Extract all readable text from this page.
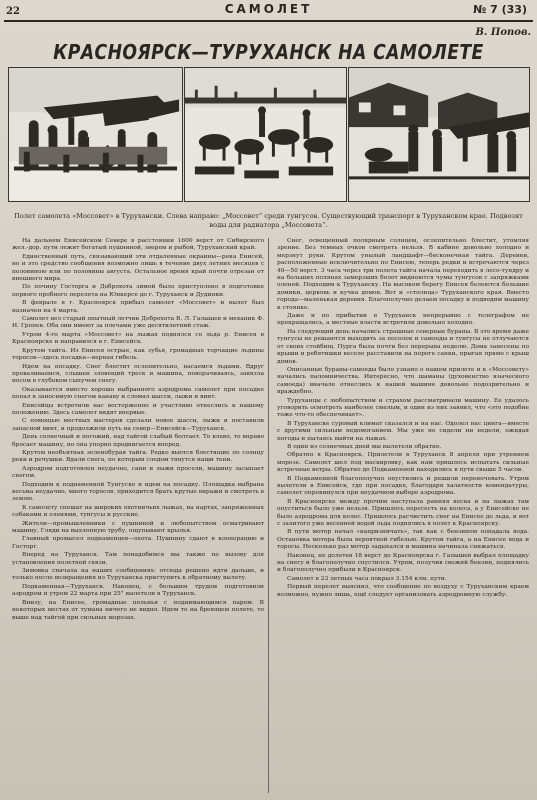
22	САМОЛЕТ	№ 7 (33)
В. Попов.
КРАСНОЯРСК—ТУРУХАНСК НА САМОЛЕТЕ
Полет самолета «Моссовет» в Турухански. Слева направо: „Моссовет“ среди тунгусов. Существующий транспорт в Туруханском крае. Подвозят воды для радиатора „Моссовета“.

На дальнем Енисейском Севере в расстоянии 1600 верст от Сибирского жел.-дор. пути лежит богатый пушниной, зверем и рыбой, Туруханский край.

Единственный путь, связывающий эти отдаленные окраины—река Енисей, но и это средство сообщения возможно лишь в течение двух летних месяцев с половиною или по половины августа. Остальное время край почти отрезан от внешнего мира.

По почину Госторга и Доброхота зимой было приступлено в подготовке первого пробного перелета на Юнкерсе до г. Туруханск и Дудинки.

В феврале в г. Красноярск прибыл самолет «Моссовет» и вылет был назначен на 4 марта.

Самолет вел старый опытный летчик Доброхота В. Л. Галышев и механик Ф. И. Гропев. Оба они имеют за плечами уже десятилетний стаж.

Утром 4-го марта «Моссовет» на лыжах поднялся со льда р. Енисея в Красноярске и направился в г. Енисейск.

Крутом тайга. Из Енисея острые, как зубья, громадные торчащие льдины торосов—здесь посадка—верная гибель.

Идем на посадку. Снег блестит ослепительно, насаемся льдами. Вдруг проваливаемся, слышен зловещий треск и машина, поворачиваясь, завязла носом в глубоком сыпучем снегу.

Оказывается вместо хорошо выбранного аэродрома самолет при посадке попал в заносимую снегом канаву и сломал шасси, лыжи и винт.

Енисейцы встретили нас восторженно и участливо отнеслись к нашему положению. Здесь самолет видят впервые.

С помощью местных мастеров сделали новое шасси, лыжи и поставили запасной винт, и продолжили путь на север—Енисейск—Туруханск.

День солнечный и погожий, над тайгой слабый болтает. То влево, то вправо бросает машину, но она упорно продвигается вперед.

Крутом необъятная зеленобурая тайга. Редко вьются блестящие по солнцу реки и речушки. Вдали снега, по которым следом тянутся наши тени.

Аэродром подготовлен неудачно, сани и лыжи просели, машину засыпает снегом.

Подходим к поднаменной Тунгуске и идем на посадку. Площадка выбрана весьма неудачно, много торосов, приходится брать крутые виражи и смотреть в землю.

К самолету спешат на широких охотничьих лыжах, на нартах, запряженных собаками и оленями, тунгусы и русские.

Жители—промышленники с пушниной и любопытством осматривают машину. Гляди на выхлопную трубу, ощупывают крылья.

Главный промысел поднаменцев—охота. Пушнину сдают в кооперацию и Госторг.

Вперед на Туруханск. Там понадобимся мы также по вызову для установления полетной связи.

Зимовка сначала на наших сообщениях: отсюда решено идти дальше, и только после возвращения из Туруханска приступить к обратному вылету.

Подкаменная—Туруханск. Наконец, с большим трудом подготовили аэродром и утром 22 марта при 25° вылетели в Туруханск.

Внизу, на Енисее, громадные польнья с поднимающимся паром. В некоторых местах от тумана ничего не видно. Идем то на бреющем полете, то выше над тайгой при сильных морозах.

Снег, освещенный полярным солнцем, ослепительно блестит, утомляя зрение. Без темных очков смотреть нельзя. В кабине довольно холодно и мерзнут руки. Крутом унылый ландшафт—бесконечная тайга. Деревни, расположенные исключительно по Енисею, теперь редки и встречаются через 40—50 верст. 3 часа через три полета тайга начала переходить в лесо-тундру и на больших полянах замерзших болот виднеются чумы тунгусов с запряжками оленей. Подходим к Туруханску. На высоком берегу Енисея белеются большие домики, церковь и кучка домов. Вот и «столица» Туруханского края. Вместо города—маленькая деревня. Благополучно делаем посадку и подводим машину к стоянке.

Даже и по прибытии в Туруханск непрерывно с телеграфом не прекращались, а местные власти встретили довольно холодно.

На следующий день начались страшные северные бураны. В это время даже тунгусы не решаются выходить за посолок и самоеды и тунгусы не отлучаются от своих стойбищ. Пурга была почти без перерыва неделю. Дома занесены по крыши и ребятишки весело расставили на пороге санки, прыгая прямо с крыш домов.

Описанные бураны-самоеды было узнано о нашем прилете и к «Моссовету» начались паломничества. Интересно, что шаманы (духовенство языческого самоеда) вначале отнеслись к нашей машине довольно подозрительно и враждебно.

Туруханцы с любопытством и страхом рассматривали машину. Ее удалось уговорить осмотреть наиболее смелым, и один из них заявил, что «это подобие тоже что-то обеспечивает».

В Туруханске суровый климат сказался и на нас. Одолел нас цинга—вместе с другими сильным недомоганием. Мы уже не сидели ни недели, ожидая погоды и пытаясь выйти на лыжах.

В один из солнечных дней мы вылетели обратно.

Обратно в Красноярск. Прилетели в Туруханск 8 апреля при утреннем морозе. Самолет шел под маскировку, как нам пришлось испытать сильные встречные ветры. Обратно до Подкаменной находились в пути свыше 5 часов.

В Подкаменной благополучно опустились и решили переночевать. Утром вылетели в Енисейск, где при посадке, благодаря халатности комендатуры, самолет опрокинулся при неудачном выборе аэродрома.

В Красноярске между прочим наступала ранняя весна и на лыжах там опуститься было уже нельзя. Пришлось пересесть на колеса, а у Енисейске не было аэродрома для колес. Пришлось расчистить снег на Енисее до льда, и вот с залитого уже весенней водой льда поднялись в полет к Красноярску.

В пути мотор начал «капризничать», так как с бензином попадала вода. Остановка мотора была вероятной гибелью. Крутом тайга, а на Енисее вода и торосы. Несколько раз мотор задыхался и машина начинала снижаться.

Наконец, не долетев 18 верст до Красноярска г. Галышев выбрал площадку на снегу и благополучно спустился. Утром, получив свежий бензин, поднялись и благополучно прибыли в Красноярск.

Самолет в 23 летных часа покрыл 3.154 клм. пути.

Первый перелет выяснил, что сообщение по воздуху с Туруханским краем возможно, нужно лишь, ещё следует организовать аэродромную службу.
